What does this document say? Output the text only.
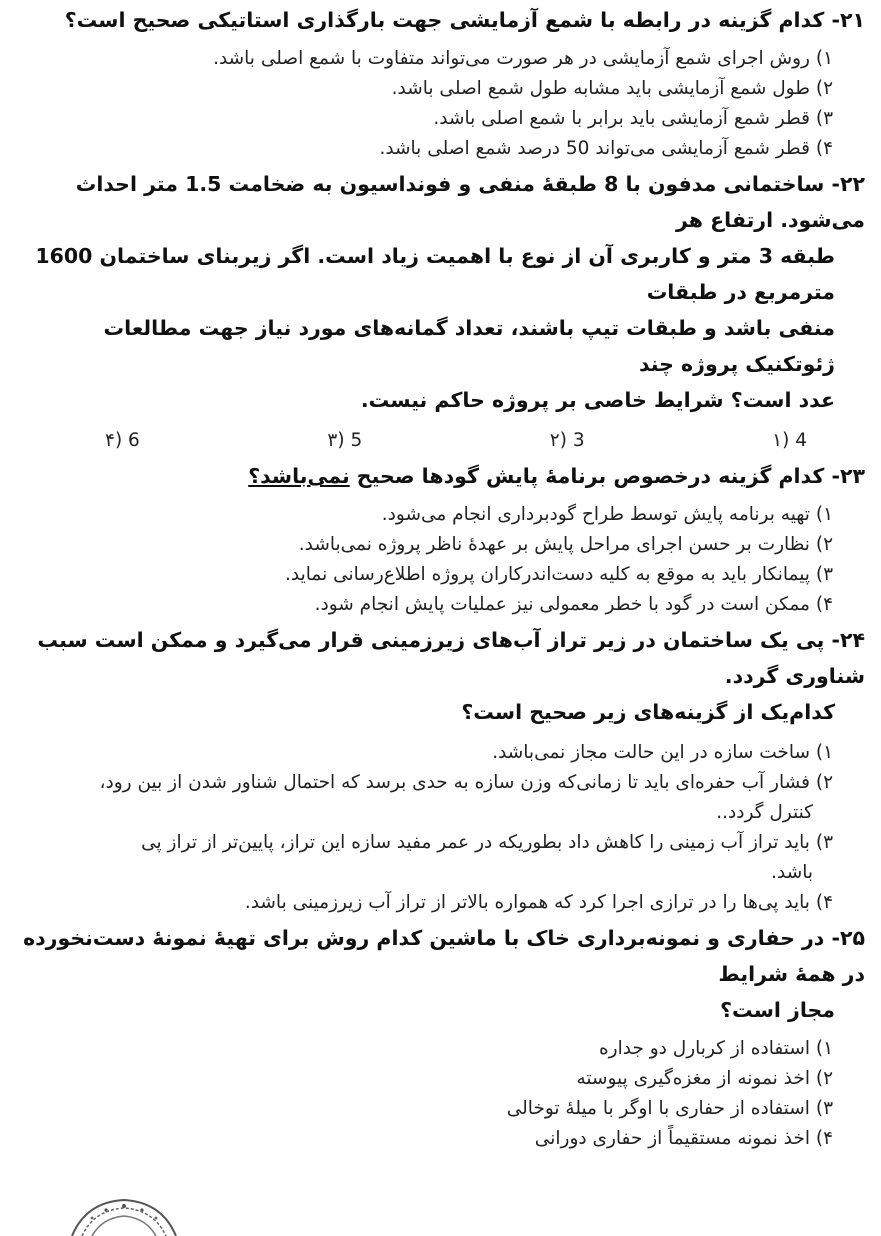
۲۱- کدام گزینه در رابطه با شمع آزمایشی جهت بارگذاری استاتیکی صحیح است؟

۱) روش اجرای شمع آزمایشی در هر صورت می‌تواند متفاوت با شمع اصلی باشد.

۲) طول شمع آزمایشی باید مشابه طول شمع اصلی باشد.

۳) قطر شمع آزمایشی باید برابر با شمع اصلی باشد.

۴) قطر شمع آزمایشی می‌تواند 50 درصد شمع اصلی باشد.

۲۲- ساختمانی مدفون با 8 طبقهٔ منفی و فونداسیون به ضخامت 1.5 متر احداث می‌شود. ارتفاع هر

طبقه 3 متر و کاربری آن از نوع با اهمیت زیاد است. اگر زیربنای ساختمان 1600 مترمربع در طبقات

منفی باشد و طبقات تیپ باشند، تعداد گمانه‌های مورد نیاز جهت مطالعات ژئوتکنیک پروژه چند

عدد است؟ شرایط خاصی بر پروژه حاکم نیست.

4 (۱
3 (۲
5 (۳
6 (۴

۲۳- کدام گزینه درخصوص برنامهٔ پایش گودها صحیح نمی‌باشد؟

۱) تهیه برنامه پایش توسط طراح گودبرداری انجام می‌شود.

۲) نظارت بر حسن اجرای مراحل پایش بر عهدهٔ ناظر پروژه نمی‌باشد.

۳) پیمانکار باید به موقع به کلیه دست‌اندرکاران پروژه اطلاع‌رسانی نماید.

۴) ممکن است در گود با خطر معمولی نیز عملیات پایش انجام شود.

۲۴- پی یک ساختمان در زیر تراز آب‌های زیرزمینی قرار می‌گیرد و ممکن است سبب شناوری گردد.

کدام‌یک از گزینه‌های زیر صحیح است؟

۱) ساخت سازه در این حالت مجاز نمی‌باشد.

۲) فشار آب حفره‌ای باید تا زمانی‌که وزن سازه به حدی برسد که احتمال شناور شدن از بین رود،

کنترل گردد..

۳) باید تراز آب زمینی را کاهش داد بطوریکه در عمر مفید سازه این تراز، پایین‌تر از تراز پی

باشد.

۴) باید پی‌ها را در ترازی اجرا کرد که همواره بالاتر از تراز آب زیرزمینی باشد.

۲۵- در حفاری و نمونه‌برداری خاک با ماشین کدام روش برای تهیهٔ نمونهٔ دست‌نخورده در همهٔ شرایط

مجاز است؟

۱) استفاده از کربارل دو جداره

۲) اخذ نمونه از مغزه‌گیری پیوسته

۳) استفاده از حفاری با اوگر با میلهٔ توخالی

۴) اخذ نمونه مستقیماً از حفاری دورانی
